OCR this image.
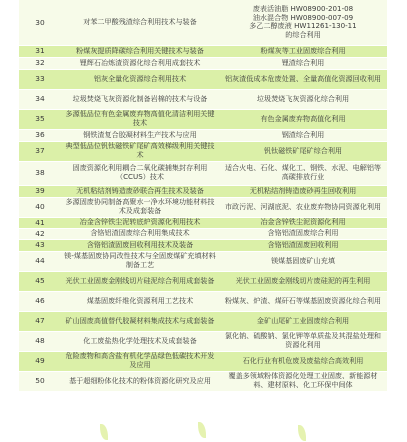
30	对苯二甲酸残渣综合利用技术与装备	废表活油脂 HW08900-201-08
油水混合物 HW08900-007-09
多乙二醇废液 HW11261-130-11
的综合利用
31	粉煤灰提质降碳综合利用关键技术与装备	粉煤灰等工业固废综合利用
32	锂辉石冶炼渣资源化综合利用成套技术	锂渣综合利用
33	铝灰全量化资源综合利用技术	铝灰渣低成本危废处置、全量高值化资源回收利用
34	垃圾焚烧飞灰资源化制备岩棉的技术与设备	垃圾焚烧飞灰资源化综合利用
35	多源低品位有色金属废弃物高值化清洁利用关键技术	有色金属废弃物高值化利用
36	钢铁渣复合胶凝材料生产技术与应用	钢渣综合利用
37	典型低品位钒钛磁铁矿尾矿高效梯级利用关键技术	钒钛磁铁矿尾矿综合利用
38	固废资源化利用耦合二氧化碳捕集封存利用（CCUS）技术	适合火电、石化、煤化工、钢铁、水泥、电解铝等高碳排放行业
39	无机粘结剂铸造废砂联合再生技术及装备	无机粘结剂铸造废砂再生回收利用
40	多源固废协同制备高聚水一净水环境功能材料技术及成套装备	市政污泥、河湖底泥、农业废弃物协同资源化利用
41	冶金含锌铁尘泥转底炉资源化利用技术	冶金含锌铁尘泥资源化利用
42	含铬铝渣固废综合利用集成技术	含铬铝渣固废综合利用
43	含铬铝渣固废回收利用技术及装备	含铬铝渣固废回收利用
44	镁-煤基固废协同改性技术与全固废煤矿充填材料制备工艺	镁煤基固废矿山充填
45	光伏工业固废金刚线切片硅泥综合利用成套装备	光伏工业固废金刚线切片废硅泥的再生利用
46	煤基固废纤维化资源利用工艺技术	粉煤灰、炉渣、煤矸石等煤基固废资源化综合利用
47	矿山固废高值替代胶凝材料集成技术与成套装备	金矿山尾矿工业固废综合利用
48	化工废盐热化学处理技术及成套装备	氯化钠、硫酸钠、氯化钾等单质盐及其混盐处理和资源化利用
49	危险废物和高含盐有机化学品绿色低碳技术开发及应用	石化行业有机危废及废盐综合高效利用
50	基于超细粉体化技术的粉体资源化研究及应用	覆盖多领域粉体资源化处理工业固废、新能源材料、建材原料、化工环保中间体
